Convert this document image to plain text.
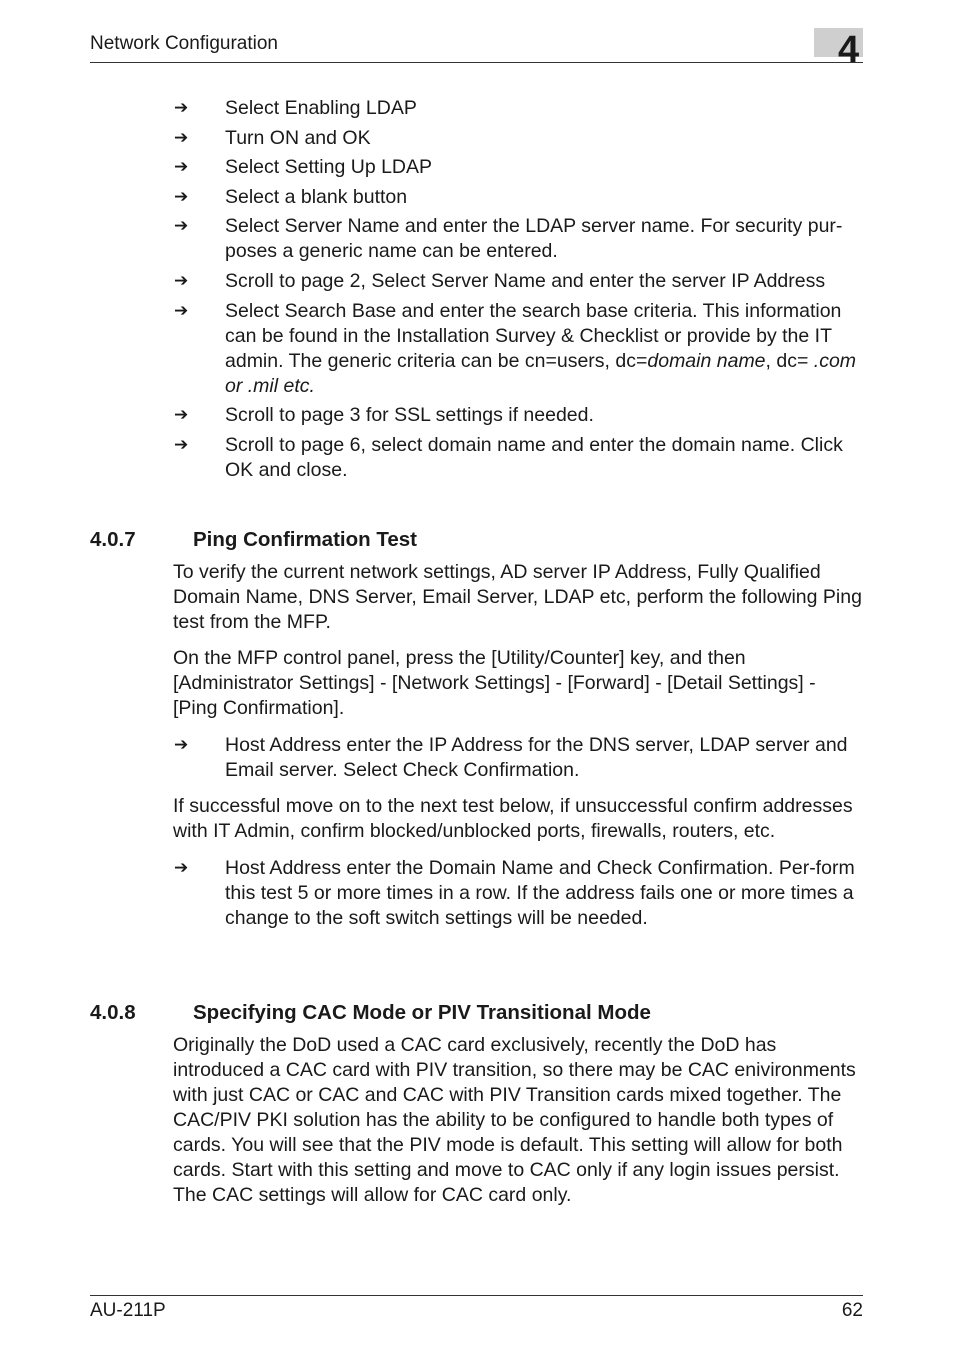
Network Configuration	4
➔ Select Enabling LDAP
➔ Turn ON and OK
➔ Select Setting Up LDAP
➔ Select a blank button
➔ Select Server Name and enter the LDAP server name. For security pur-poses a generic name can be entered.
➔ Scroll to page 2, Select Server Name and enter the server IP Address
➔ Select Search Base and enter the search base criteria. This information can be found in the Installation Survey & Checklist or provide by the IT admin. The generic criteria can be cn=users, dc=domain name, dc= .com or .mil etc.
➔ Scroll to page 3 for SSL settings if needed.
➔ Scroll to page 6, select domain name and enter the domain name. Click OK and close.
4.0.7	Ping Confirmation Test
To verify the current network settings, AD server IP Address, Fully Qualified Domain Name, DNS Server, Email Server, LDAP etc, perform the following Ping test from the MFP.
On the MFP control panel, press the [Utility/Counter] key, and then [Administrator Settings] - [Network Settings] - [Forward] - [Detail Settings] - [Ping Confirmation].
➔ Host Address enter the IP Address for the DNS server, LDAP server and Email server. Select Check Confirmation.
If successful move on to the next test below, if unsuccessful confirm addresses with IT Admin, confirm blocked/unblocked ports, firewalls, routers, etc.
➔ Host Address enter the Domain Name and Check Confirmation. Per-form this test 5 or more times in a row. If the address fails one or more times a change to the soft switch settings will be needed.
4.0.8	Specifying CAC Mode or PIV Transitional Mode
Originally the DoD used a CAC card exclusively, recently the DoD has introduced a CAC card with PIV transition, so there may be CAC enivironments with just CAC or CAC and CAC with PIV Transition cards mixed together. The CAC/PIV PKI solution has the ability to be configured to handle both types of cards. You will see that the PIV mode is default. This setting will allow for both cards. Start with this setting and move to CAC only if any login issues persist. The CAC settings will allow for CAC card only.
AU-211P	62
